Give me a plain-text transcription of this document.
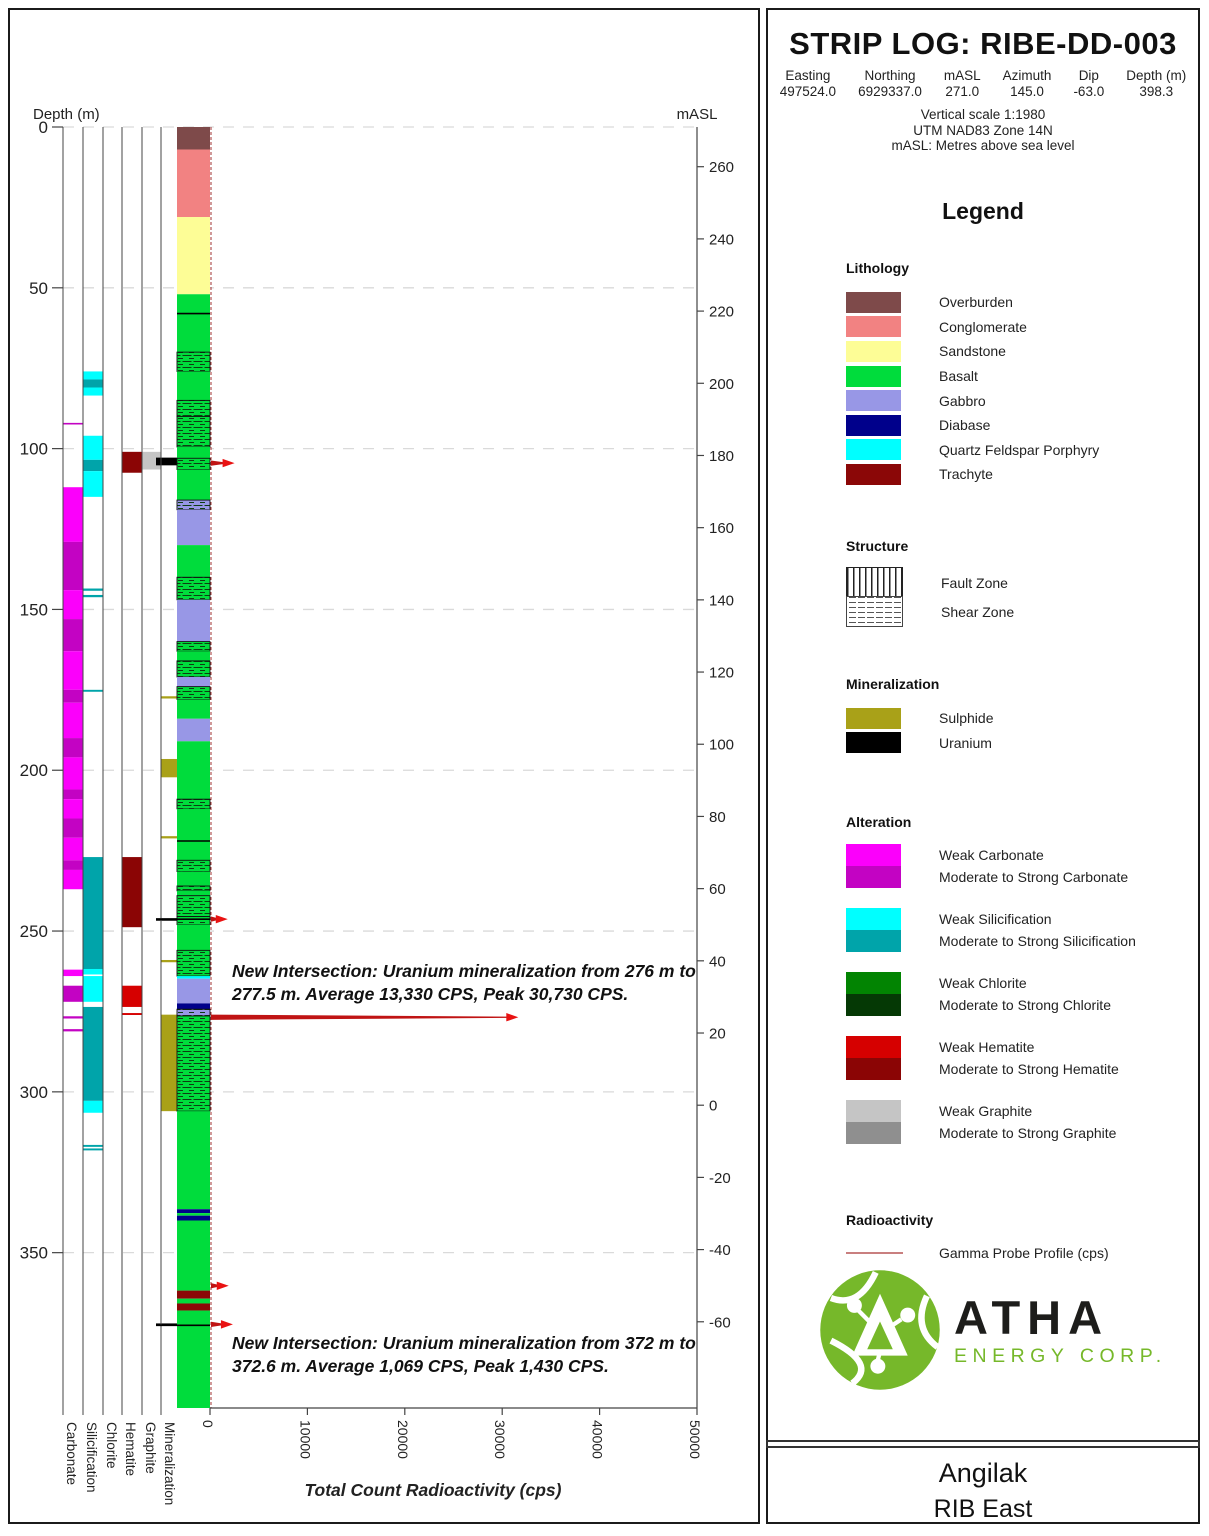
Depth (m)
0
50
100
150
200
250
300
350
mASL
260
240
220
200
180
160
140
120
100
80
60
40
20
0
-20
-40
-60
0	10000	20000	30000	40000	50000
Total Count Radioactivity (cps)
Carbonate Silicification Chlorite Hematite Graphite Mineralization
New Intersection: Uranium mineralization from 276 m to 277.5 m. Average 13,330 CPS, Peak 30,730 CPS.
New Intersection: Uranium mineralization from 372 m to 372.6 m. Average 1,069 CPS, Peak 1,430 CPS.
STRIP LOG: RIBE-DD-003
Easting
497524.0
Northing
6929337.0
mASL
271.0
Azimuth
145.0
Dip
-63.0
Depth (m)
398.3
Vertical scale 1:1980
UTM NAD83 Zone 14N
mASL: Metres above sea level
Legend
Lithology
Overburden
Conglomerate
Sandstone
Basalt
Gabbro
Diabase
Quartz Feldspar Porphyry
Trachyte
Structure
Fault Zone
Shear Zone
Mineralization
Sulphide
Uranium
Alteration
Weak Carbonate
Moderate to Strong Carbonate
Weak Silicification
Moderate to Strong Silicification
Weak Chlorite
Moderate to Strong Chlorite
Weak Hematite
Moderate to Strong Hematite
Weak Graphite
Moderate to Strong Graphite
Radioactivity
Gamma Probe Profile (cps)
ATHA
ENERGY CORP.
Angilak
RIB East
